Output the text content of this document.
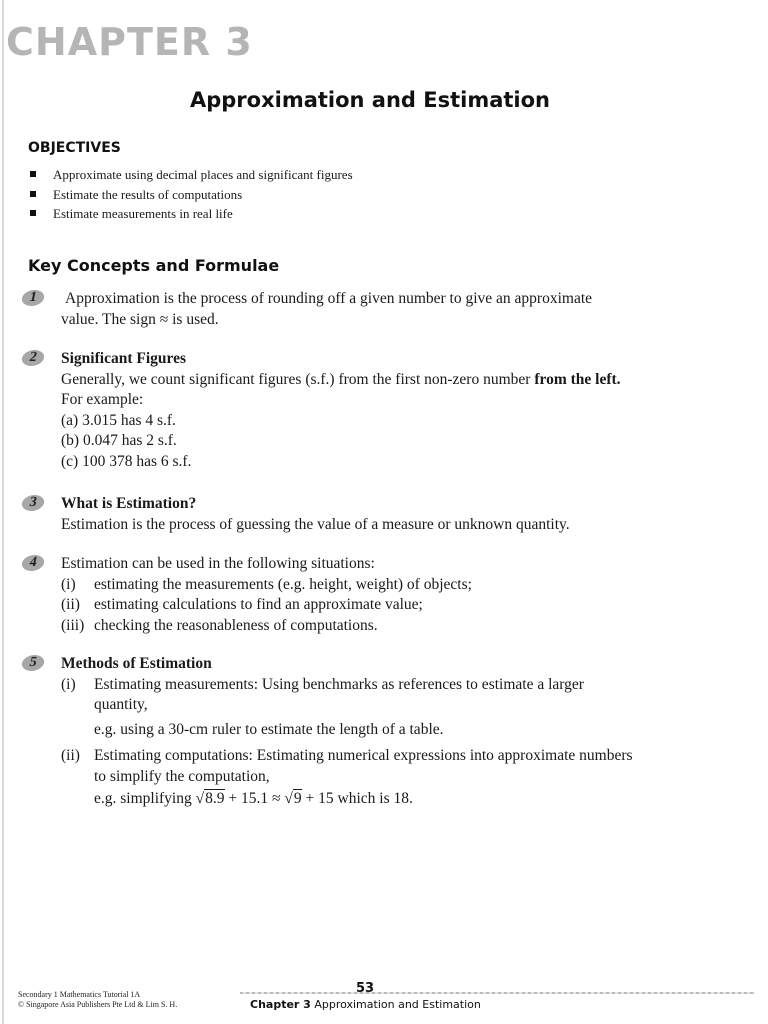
CHAPTER 3
Approximation and Estimation
OBJECTIVES
Approximate using decimal places and significant figures
Estimate the results of computations
Estimate measurements in real life
Key Concepts and Formulae
1	Approximation is the process of rounding off a given number to give an approximate
value. The sign ≈ is used.
2	Significant Figures
Generally, we count significant figures (s.f.) from the first non-zero number from the left.
For example:
(a) 3.015 has 4 s.f.
(b) 0.047 has 2 s.f.
(c) 100 378 has 6 s.f.
3	What is Estimation?
Estimation is the process of guessing the value of a measure or unknown quantity.
4	Estimation can be used in the following situations:
(i) estimating the measurements (e.g. height, weight) of objects;
(ii) estimating calculations to find an approximate value;
(iii) checking the reasonableness of computations.
5	Methods of Estimation
(i) Estimating measurements: Using benchmarks as references to estimate a larger
quantity,
e.g. using a 30-cm ruler to estimate the length of a table.
(ii) Estimating computations: Estimating numerical expressions into approximate numbers
to simplify the computation,
e.g. simplifying √8.9 + 15.1 ≈ √9 + 15 which is 18.
53
Secondary 1 Mathematics Tutorial 1A
© Singapore Asia Publishers Pte Ltd & Lim S. H.	Chapter 3 Approximation and Estimation
